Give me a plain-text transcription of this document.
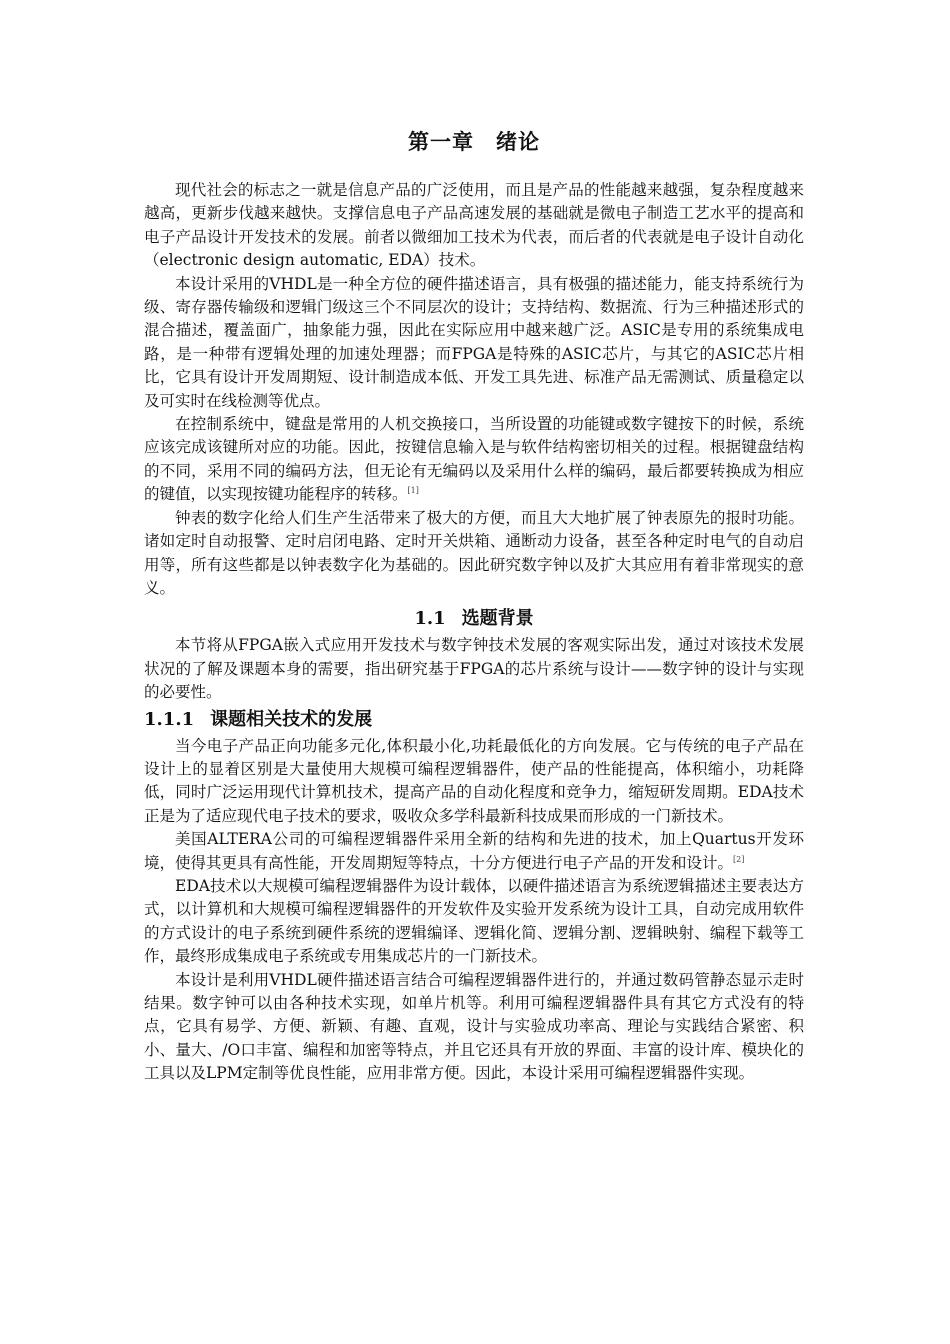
第一章 绪论

现代社会的标志之一就是信息产品的广泛使用，而且是产品的性能越来越强，复杂程度越来越高，更新步伐越来越快。支撑信息电子产品高速发展的基础就是微电子制造工艺水平的提高和电子产品设计开发技术的发展。前者以微细加工技术为代表，而后者的代表就是电子设计自动化（electronic design automatic, EDA）技术。

本设计采用的VHDL是一种全方位的硬件描述语言，具有极强的描述能力，能支持系统行为级、寄存器传输级和逻辑门级这三个不同层次的设计；支持结构、数据流、行为三种描述形式的混合描述，覆盖面广，抽象能力强，因此在实际应用中越来越广泛。ASIC是专用的系统集成电路，是一种带有逻辑处理的加速处理器；而FPGA是特殊的ASIC芯片，与其它的ASIC芯片相比，它具有设计开发周期短、设计制造成本低、开发工具先进、标准产品无需测试、质量稳定以及可实时在线检测等优点。

在控制系统中，键盘是常用的人机交换接口，当所设置的功能键或数字键按下的时候，系统应该完成该键所对应的功能。因此，按键信息输入是与软件结构密切相关的过程。根据键盘结构的不同，采用不同的编码方法，但无论有无编码以及采用什么样的编码，最后都要转换成为相应的键值，以实现按键功能程序的转移。[1]

钟表的数字化给人们生产生活带来了极大的方便，而且大大地扩展了钟表原先的报时功能。诸如定时自动报警、定时启闭电路、定时开关烘箱、通断动力设备，甚至各种定时电气的自动启用等，所有这些都是以钟表数字化为基础的。因此研究数字钟以及扩大其应用有着非常现实的意义。

1.1 选题背景

本节将从FPGA嵌入式应用开发技术与数字钟技术发展的客观实际出发，通过对该技术发展状况的了解及课题本身的需要，指出研究基于FPGA的芯片系统与设计——数字钟的设计与实现的必要性。

1.1.1 课题相关技术的发展

当今电子产品正向功能多元化,体积最小化,功耗最低化的方向发展。它与传统的电子产品在设计上的显着区别是大量使用大规模可编程逻辑器件，使产品的性能提高，体积缩小，功耗降低，同时广泛运用现代计算机技术，提高产品的自动化程度和竞争力，缩短研发周期。EDA技术正是为了适应现代电子技术的要求，吸收众多学科最新科技成果而形成的一门新技术。

美国ALTERA公司的可编程逻辑器件采用全新的结构和先进的技术，加上Quartus开发环境，使得其更具有高性能，开发周期短等特点，十分方便进行电子产品的开发和设计。[2]

EDA技术以大规模可编程逻辑器件为设计载体，以硬件描述语言为系统逻辑描述主要表达方式，以计算机和大规模可编程逻辑器件的开发软件及实验开发系统为设计工具，自动完成用软件的方式设计的电子系统到硬件系统的逻辑编译、逻辑化简、逻辑分割、逻辑映射、编程下载等工作，最终形成集成电子系统或专用集成芯片的一门新技术。

本设计是利用VHDL硬件描述语言结合可编程逻辑器件进行的，并通过数码管静态显示走时结果。数字钟可以由各种技术实现，如单片机等。利用可编程逻辑器件具有其它方式没有的特点，它具有易学、方便、新颖、有趣、直观，设计与实验成功率高、理论与实践结合紧密、积小、量大、/O口丰富、编程和加密等特点，并且它还具有开放的界面、丰富的设计库、模块化的工具以及LPM定制等优良性能，应用非常方便。因此，本设计采用可编程逻辑器件实现。
